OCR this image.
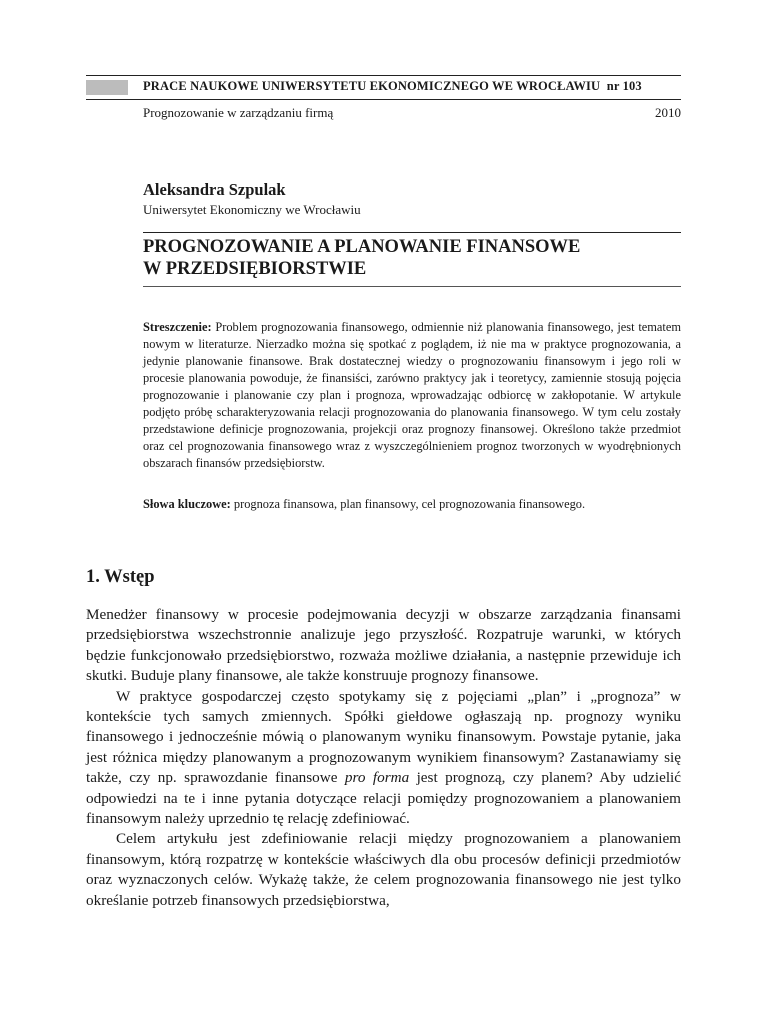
PRACE NAUKOWE UNIWERSYTETU EKONOMICZNEGO WE WROCŁAWIU nr 103
Prognozowanie w zarządzaniu firmą	2010
Aleksandra Szpulak
Uniwersytet Ekonomiczny we Wrocławiu
PROGNOZOWANIE A PLANOWANIE FINANSOWE
W PRZEDSIĘBIORSTWIE
Streszczenie: Problem prognozowania finansowego, odmiennie niż planowania finansowego, jest tematem nowym w literaturze. Nierzadko można się spotkać z poglądem, iż nie ma w praktyce prognozowania, a jedynie planowanie finansowe. Brak dostatecznej wiedzy o prognozowaniu finansowym i jego roli w procesie planowania powoduje, że finansiści, zarówno praktycy jak i teoretycy, zamiennie stosują pojęcia prognozowanie i planowanie czy plan i prognoza, wprowadzając odbiorcę w zakłopotanie. W artykule podjęto próbę scharakteryzowania relacji prognozowania do planowania finansowego. W tym celu zostały przedstawione definicje prognozowania, projekcji oraz prognozy finansowej. Określono także przedmiot oraz cel prognozowania finansowego wraz z wyszczególnieniem prognoz tworzonych w wyodrębnionych obszarach finansów przedsiębiorstw.
Słowa kluczowe: prognoza finansowa, plan finansowy, cel prognozowania finansowego.
1. Wstęp

Menedżer finansowy w procesie podejmowania decyzji w obszarze zarządzania finansami przedsiębiorstwa wszechstronnie analizuje jego przyszłość. Rozpatruje warunki, w których będzie funkcjonowało przedsiębiorstwo, rozważa możliwe działania, a następnie przewiduje ich skutki. Buduje plany finansowe, ale także konstruuje prognozy finansowe.

W praktyce gospodarczej często spotykamy się z pojęciami „plan” i „prognoza” w kontekście tych samych zmiennych. Spółki giełdowe ogłaszają np. prognozy wyniku finansowego i jednocześnie mówią o planowanym wyniku finansowym. Powstaje pytanie, jaka jest różnica między planowanym a prognozowanym wynikiem finansowym? Zastanawiamy się także, czy np. sprawozdanie finansowe pro forma jest prognozą, czy planem? Aby udzielić odpowiedzi na te i inne pytania dotyczące relacji pomiędzy prognozowaniem a planowaniem finansowym należy uprzednio tę relację zdefiniować.

Celem artykułu jest zdefiniowanie relacji między prognozowaniem a planowaniem finansowym, którą rozpatrzę w kontekście właściwych dla obu procesów definicji przedmiotów oraz wyznaczonych celów. Wykażę także, że celem prognozowania finansowego nie jest tylko określanie potrzeb finansowych przedsiębiorstwa,
